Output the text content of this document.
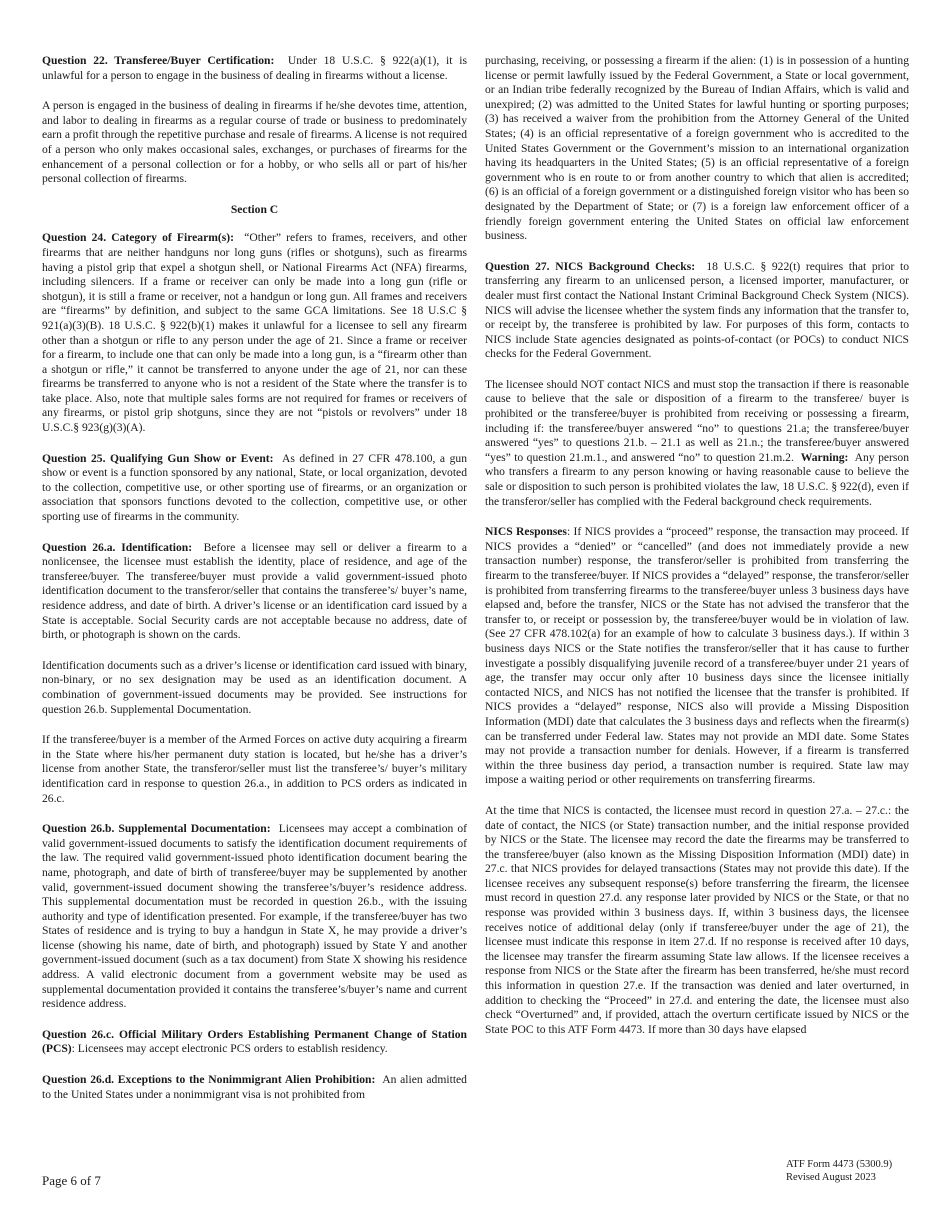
Question 22. Transferee/Buyer Certification: Under 18 U.S.C. § 922(a)(1), it is unlawful for a person to engage in the business of dealing in firearms without a license.

A person is engaged in the business of dealing in firearms if he/she devotes time, attention, and labor to dealing in firearms as a regular course of trade or business to predominately earn a profit through the repetitive purchase and resale of firearms. A license is not required of a person who only makes occasional sales, exchanges, or purchases of firearms for the enhancement of a personal collection or for a hobby, or who sells all or part of his/her personal collection of firearms.

Section C

Question 24. Category of Firearm(s): “Other” refers to frames, receivers, and other firearms that are neither handguns nor long guns (rifles or shotguns), such as firearms having a pistol grip that expel a shotgun shell, or National Firearms Act (NFA) firearms, including silencers. If a frame or receiver can only be made into a long gun (rifle or shotgun), it is still a frame or receiver, not a handgun or long gun. All frames and receivers are “firearms” by definition, and subject to the same GCA limitations. See 18 U.S.C § 921(a)(3)(B). 18 U.S.C. § 922(b)(1) makes it unlawful for a licensee to sell any firearm other than a shotgun or rifle to any person under the age of 21. Since a frame or receiver for a firearm, to include one that can only be made into a long gun, is a “firearm other than a shotgun or rifle,” it cannot be transferred to anyone under the age of 21, nor can these firearms be transferred to anyone who is not a resident of the State where the transfer is to take place. Also, note that multiple sales forms are not required for frames or receivers of any firearms, or pistol grip shotguns, since they are not “pistols or revolvers” under 18 U.S.C.§ 923(g)(3)(A).

Question 25. Qualifying Gun Show or Event: As defined in 27 CFR 478.100, a gun show or event is a function sponsored by any national, State, or local organization, devoted to the collection, competitive use, or other sporting use of firearms, or an organization or association that sponsors functions devoted to the collection, competitive use, or other sporting use of firearms in the community.

Question 26.a. Identification: Before a licensee may sell or deliver a firearm to a nonlicensee, the licensee must establish the identity, place of residence, and age of the transferee/buyer. The transferee/buyer must provide a valid government-issued photo identification document to the transferor/seller that contains the transferee’s/ buyer’s name, residence address, and date of birth. A driver’s license or an identification card issued by a State is acceptable. Social Security cards are not acceptable because no address, date of birth, or photograph is shown on the cards.

Identification documents such as a driver’s license or identification card issued with binary, non-binary, or no sex designation may be used as an identification document. A combination of government-issued documents may be provided. See instructions for question 26.b. Supplemental Documentation.

If the transferee/buyer is a member of the Armed Forces on active duty acquiring a firearm in the State where his/her permanent duty station is located, but he/she has a driver’s license from another State, the transferor/seller must list the transferee’s/ buyer’s military identification card in response to question 26.a., in addition to PCS orders as indicated in 26.c.

Question 26.b. Supplemental Documentation: Licensees may accept a combination of valid government-issued documents to satisfy the identification document requirements of the law. The required valid government-issued photo identification document bearing the name, photograph, and date of birth of transferee/buyer may be supplemented by another valid, government-issued document showing the transferee’s/buyer’s residence address. This supplemental documentation must be recorded in question 26.b., with the issuing authority and type of identification presented. For example, if the transferee/buyer has two States of residence and is trying to buy a handgun in State X, he may provide a driver’s license (showing his name, date of birth, and photograph) issued by State Y and another government-issued document (such as a tax document) from State X showing his residence address. A valid electronic document from a government website may be used as supplemental documentation provided it contains the transferee’s/buyer’s name and current residence address.

Question 26.c. Official Military Orders Establishing Permanent Change of Station (PCS): Licensees may accept electronic PCS orders to establish residency.

Question 26.d. Exceptions to the Nonimmigrant Alien Prohibition: An alien admitted to the United States under a nonimmigrant visa is not prohibited from

purchasing, receiving, or possessing a firearm if the alien: (1) is in possession of a hunting license or permit lawfully issued by the Federal Government, a State or local government, or an Indian tribe federally recognized by the Bureau of Indian Affairs, which is valid and unexpired; (2) was admitted to the United States for lawful hunting or sporting purposes; (3) has received a waiver from the prohibition from the Attorney General of the United States; (4) is an official representative of a foreign government who is accredited to the United States Government or the Government’s mission to an international organization having its headquarters in the United States; (5) is an official representative of a foreign government who is en route to or from another country to which that alien is accredited; (6) is an official of a foreign government or a distinguished foreign visitor who has been so designated by the Department of State; or (7) is a foreign law enforcement officer of a friendly foreign government entering the United States on official law enforcement business.

Question 27. NICS Background Checks: 18 U.S.C. § 922(t) requires that prior to transferring any firearm to an unlicensed person, a licensed importer, manufacturer, or dealer must first contact the National Instant Criminal Background Check System (NICS). NICS will advise the licensee whether the system finds any information that the transfer to, or receipt by, the transferee is prohibited by law. For purposes of this form, contacts to NICS include State agencies designated as points-of-contact (or POCs) to conduct NICS checks for the Federal Government.

The licensee should NOT contact NICS and must stop the transaction if there is reasonable cause to believe that the sale or disposition of a firearm to the transferee/ buyer is prohibited or the transferee/buyer is prohibited from receiving or possessing a firearm, including if: the transferee/buyer answered “no” to questions 21.a; the transferee/buyer answered “yes” to questions 21.b. – 21.1 as well as 21.n.; the transferee/buyer answered “yes” to question 21.m.1., and answered “no” to question 21.m.2. Warning: Any person who transfers a firearm to any person knowing or having reasonable cause to believe the sale or disposition to such person is prohibited violates the law, 18 U.S.C. § 922(d), even if the transferor/seller has complied with the Federal background check requirements.

NICS Responses: If NICS provides a “proceed” response, the transaction may proceed. If NICS provides a “denied” or “cancelled” (and does not immediately provide a new transaction number) response, the transferor/seller is prohibited from transferring the firearm to the transferee/buyer. If NICS provides a “delayed” response, the transferor/seller is prohibited from transferring firearms to the transferee/buyer unless 3 business days have elapsed and, before the transfer, NICS or the State has not advised the transferor that the transfer to, or receipt or possession by, the transferee/buyer would be in violation of law. (See 27 CFR 478.102(a) for an example of how to calculate 3 business days.). If within 3 business days NICS or the State notifies the transferor/seller that it has cause to further investigate a possibly disqualifying juvenile record of a transferee/buyer under 21 years of age, the transfer may occur only after 10 business days since the licensee initially contacted NICS, and NICS has not notified the licensee that the transfer is prohibited. If NICS provides a “delayed” response, NICS also will provide a Missing Disposition Information (MDI) date that calculates the 3 business days and reflects when the firearm(s) can be transferred under Federal law. States may not provide an MDI date. Some States may not provide a transaction number for denials. However, if a firearm is transferred within the three business day period, a transaction number is required. State law may impose a waiting period or other requirements on transferring firearms.

At the time that NICS is contacted, the licensee must record in question 27.a. – 27.c.: the date of contact, the NICS (or State) transaction number, and the initial response provided by NICS or the State. The licensee may record the date the firearms may be transferred to the transferee/buyer (also known as the Missing Disposition Information (MDI) date) in 27.c. that NICS provides for delayed transactions (States may not provide this date). If the licensee receives any subsequent response(s) before transferring the firearm, the licensee must record in question 27.d. any response later provided by NICS or the State, or that no response was provided within 3 business days. If, within 3 business days, the licensee receives notice of additional delay (only if transferee/buyer under the age of 21), the licensee must indicate this response in item 27.d. If no response is received after 10 days, the licensee may transfer the firearm assuming State law allows. If the licensee receives a response from NICS or the State after the firearm has been transferred, he/she must record this information in question 27.e. If the transaction was denied and later overturned, in addition to checking the “Proceed” in 27.d. and entering the date, the licensee must also check “Overturned” and, if provided, attach the overturn certificate issued by NICS or the State POC to this ATF Form 4473. If more than 30 days have elapsed

Page 6 of 7
ATF Form 4473 (5300.9)
Revised August 2023
